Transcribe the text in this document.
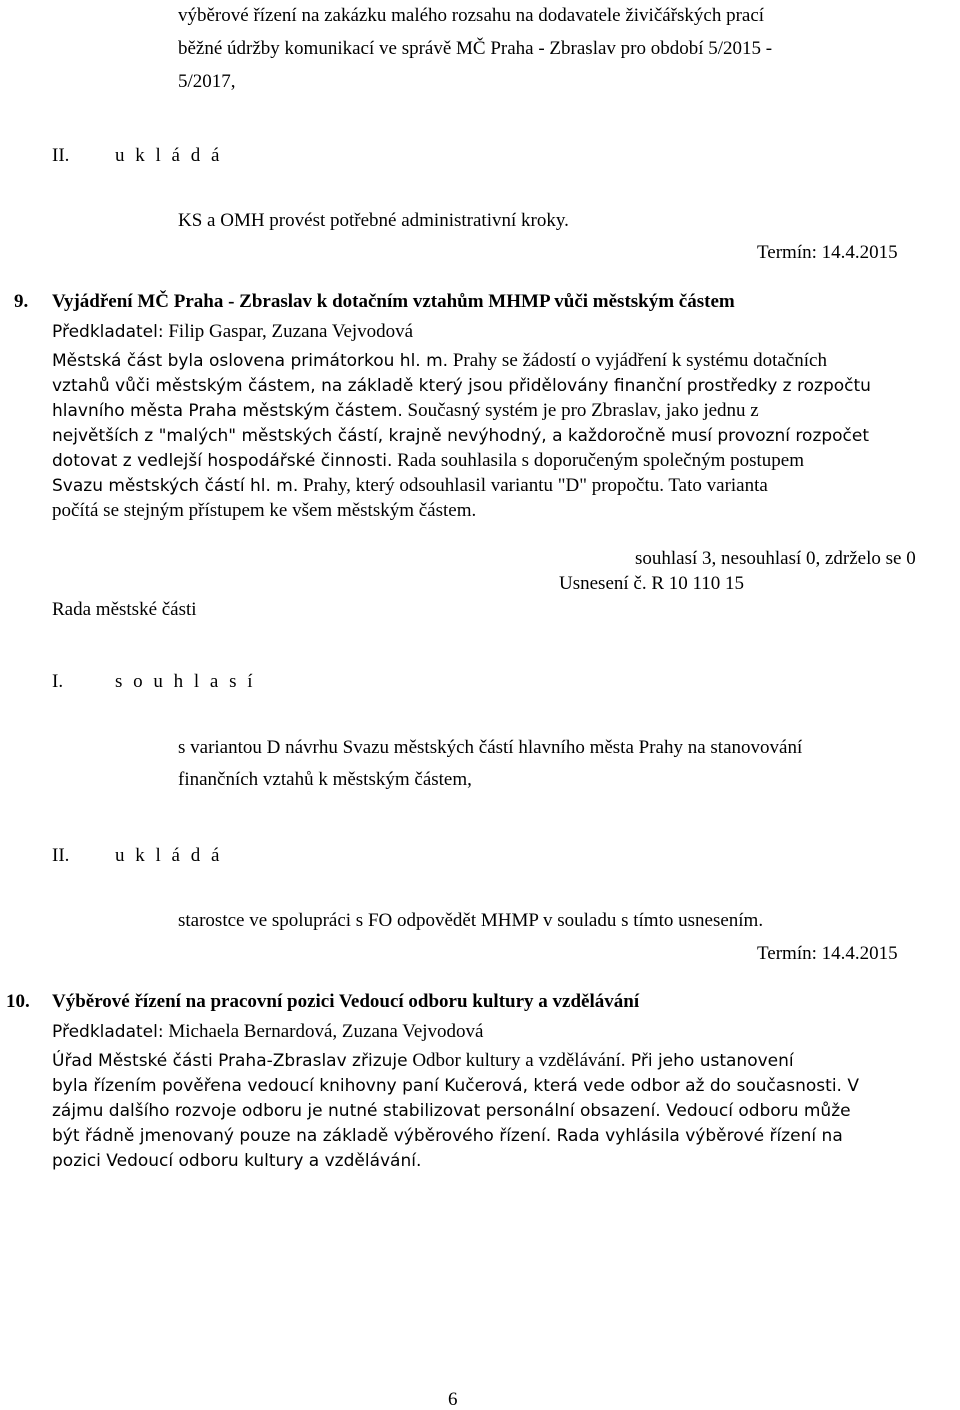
výběrové řízení na zakázku malého rozsahu na dodavatele živičářských prací
běžné údržby komunikací ve správě MČ Praha - Zbraslav pro období 5/2015 -
5/2017,
II. u k l á d á
KS a OMH provést potřebné administrativní kroky.
Termín: 14.4.2015
9. Vyjádření MČ Praha - Zbraslav k dotačním vztahům MHMP vůči městským částem
Předkladatel: Filip Gaspar, Zuzana Vejvodová
Městská část byla oslovena primátorkou hl. m. Prahy se žádostí o vyjádření k systému dotačních
vztahů vůči městským částem, na základě který jsou přidělovány finanční prostředky z rozpočtu
hlavního města Praha městským částem. Současný systém je pro Zbraslav, jako jednu z
největších z "malých" městských částí, krajně nevýhodný, a každoročně musí provozní rozpočet
dotovat z vedlejší hospodářské činnosti. Rada souhlasila s doporučeným společným postupem
Svazu městských částí hl. m. Prahy, který odsouhlasil variantu "D" propočtu. Tato varianta
počítá se stejným přístupem ke všem městským částem.
souhlasí 3, nesouhlasí 0, zdrželo se 0
Usnesení č. R 10 110 15
Rada městské části
I.	s o u h l a s í
s variantou D návrhu Svazu městských částí hlavního města Prahy na stanovování
finančních vztahů k městským částem,
II. u k l á d á
starostce ve spolupráci s FO odpovědět MHMP v souladu s tímto usnesením.
Termín: 14.4.2015
10. Výběrové řízení na pracovní pozici Vedoucí odboru kultury a vzdělávání
Předkladatel: Michaela Bernardová, Zuzana Vejvodová
Úřad Městské části Praha-Zbraslav zřizuje Odbor kultury a vzdělávání. Při jeho ustanovení
byla řízením pověřena vedoucí knihovny paní Kučerová, která vede odbor až do současnosti. V
zájmu dalšího rozvoje odboru je nutné stabilizovat personální obsazení. Vedoucí odboru může
být řádně jmenovaný pouze na základě výběrového řízení. Rada vyhlásila výběrové řízení na
pozici Vedoucí odboru kultury a vzdělávání.
6
